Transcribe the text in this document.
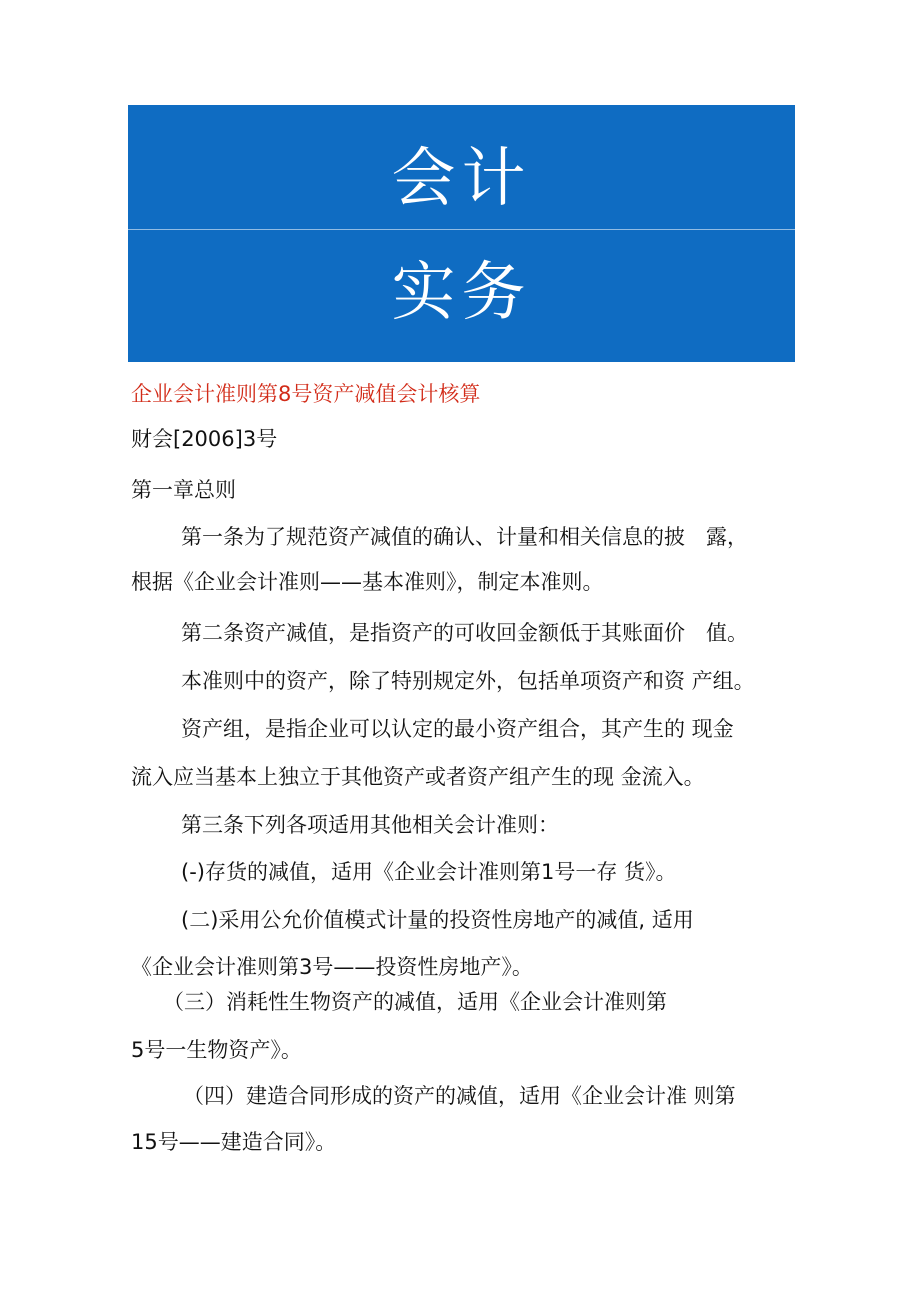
会计
实务
企业会计准则第8号资产减值会计核算
财会[2006]3号
第一章总则
第一条为了规范资产减值的确认、计量和相关信息的披　露，
根据《企业会计准则——基本准则》，制定本准则。
第二条资产减值，是指资产的可收回金额低于其账面价　值。
本准则中的资产，除了特别规定外，包括单项资产和资 产组。
资产组，是指企业可以认定的最小资产组合，其产生的 现金
流入应当基本上独立于其他资产或者资产组产生的现 金流入。
第三条下列各项适用其他相关会计准则：
(-)存货的减值，适用《企业会计准则第1号一存 货》。
(二)采用公允价值模式计量的投资性房地产的减值, 适用
《企业会计准则第3号——投资性房地产》。
（三）消耗性生物资产的减值，适用《企业会计准则第
5号一生物资产》。
（四）建造合同形成的资产的减值，适用《企业会计准 则第
15号——建造合同》。
